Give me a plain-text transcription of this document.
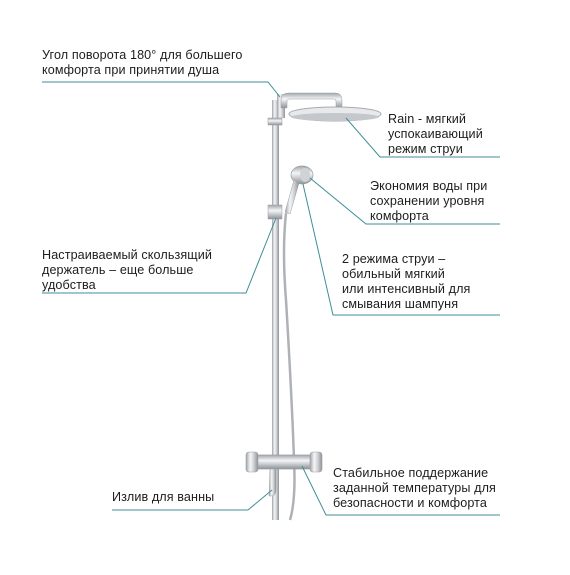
Угол поворота 180° для большего
комфорта при принятии душа
Rain - мягкий
успокаивающий
режим струи
Экономия воды при
сохранении уровня
комфорта
Настраиваемый скользящий
держатель – еще больше
удобства
2 режима струи –
обильный мягкий
или интенсивный для
смывания шампуня
Излив для ванны
Стабильное поддержание
заданной температуры для
безопасности и комфорта
